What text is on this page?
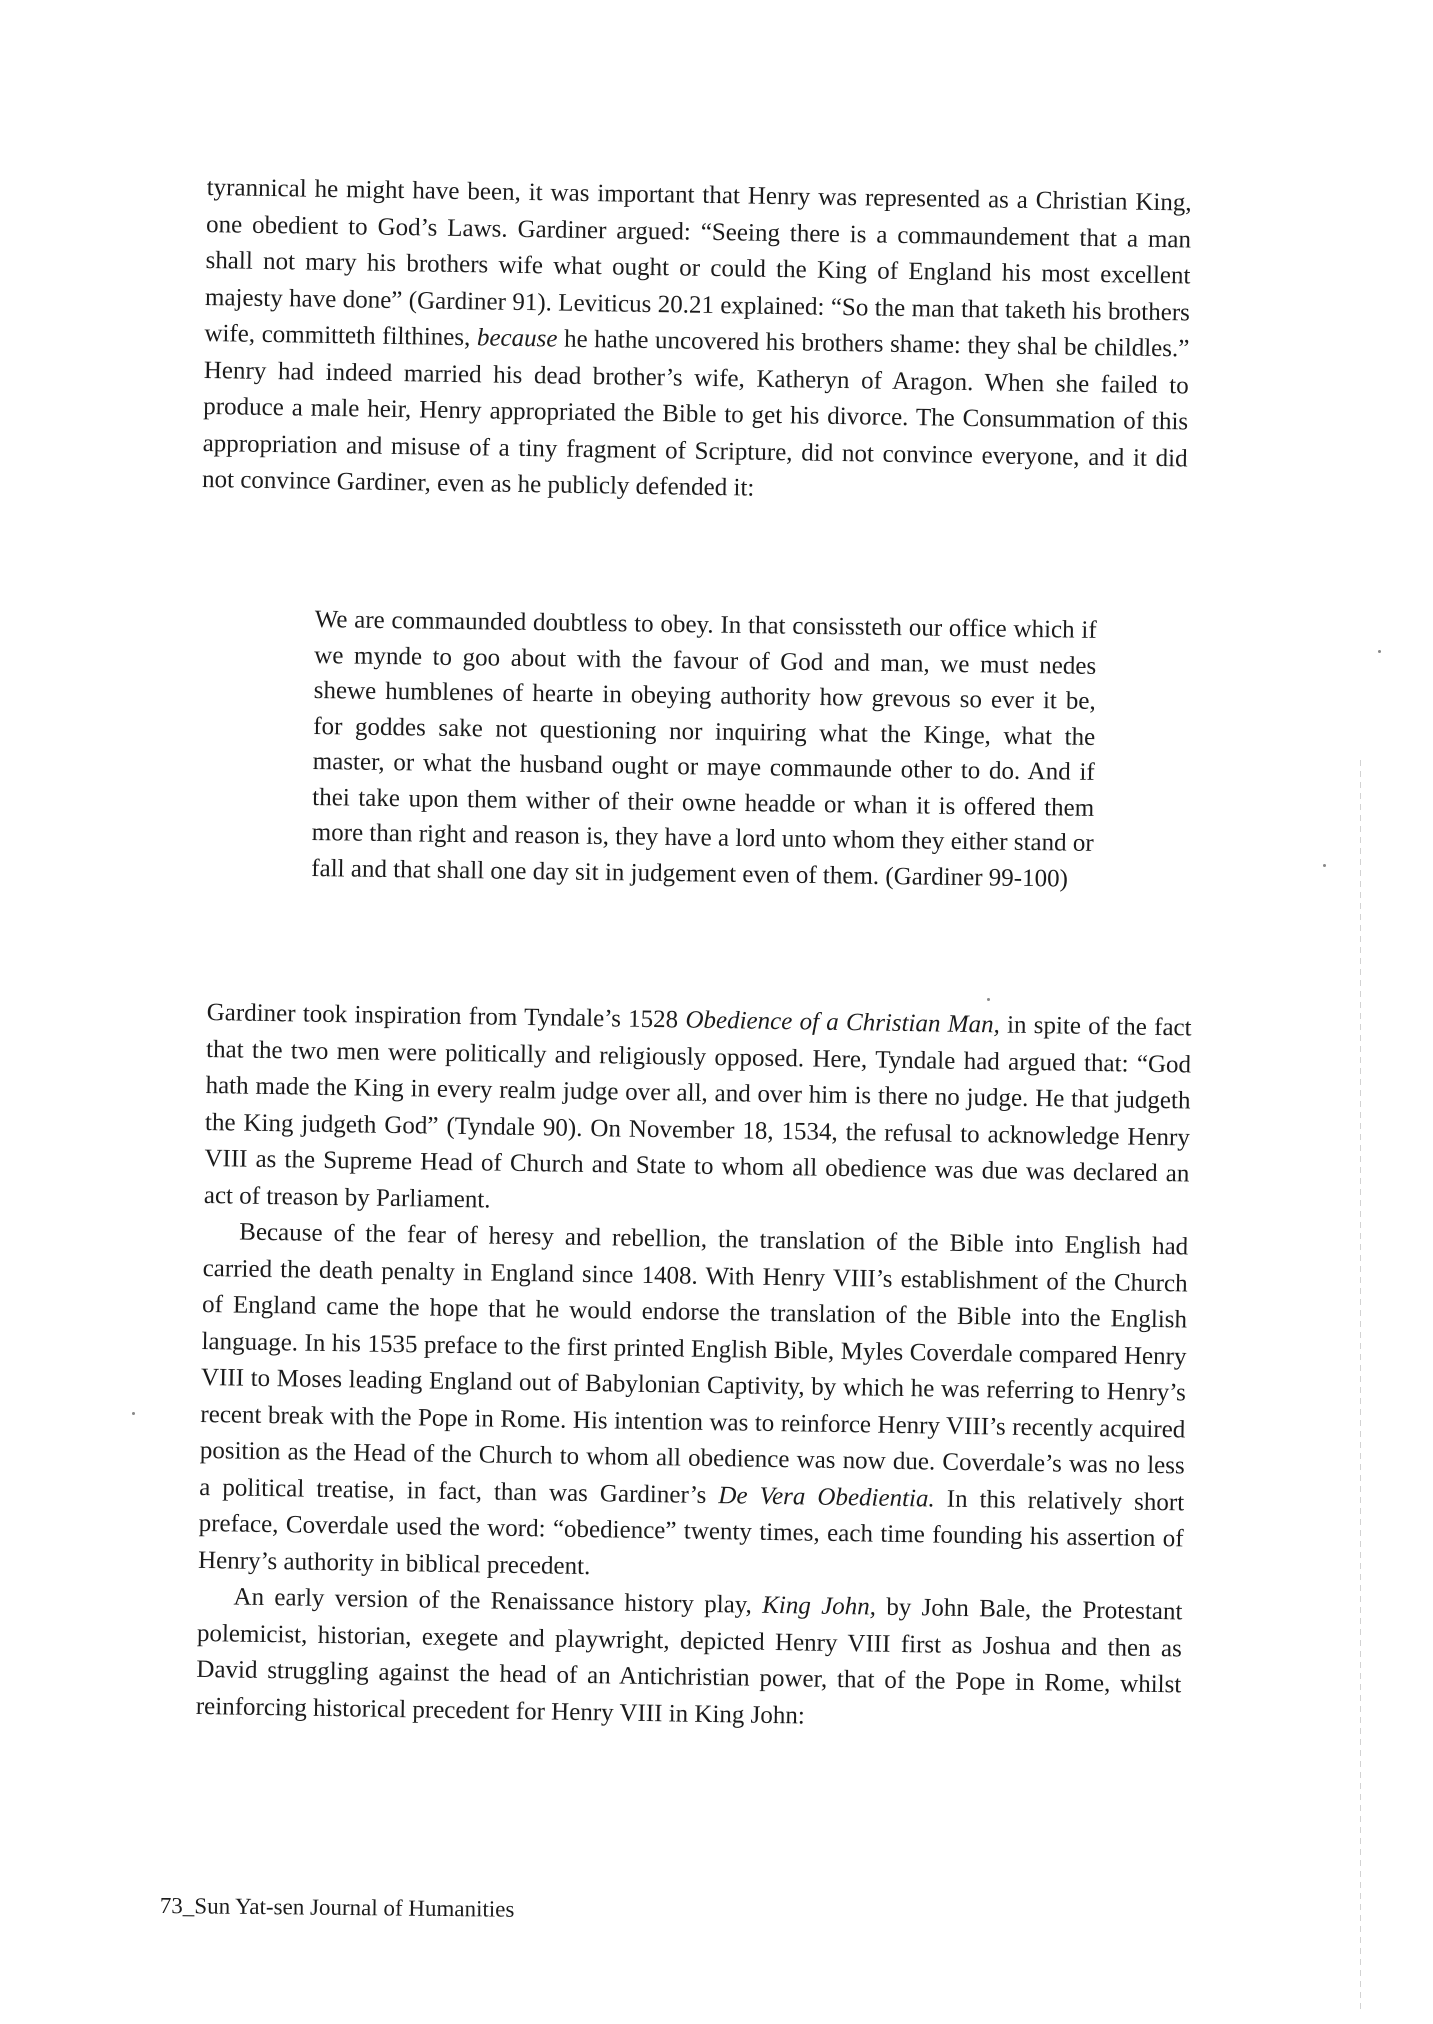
tyrannical he might have been, it was important that Henry was represented as a Christian King, one obedient to God’s Laws. Gardiner argued: “Seeing there is a commaundement that a man shall not mary his brothers wife what ought or could the King of England his most excellent majesty have done” (Gardiner 91). Leviticus 20.21 explained: “So the man that taketh his brothers wife, committeth filthines, because he hathe uncovered his brothers shame: they shal be childles.” Henry had indeed married his dead brother’s wife, Katheryn of Aragon. When she failed to produce a male heir, Henry appropriated the Bible to get his divorce. The Consummation of this appropriation and misuse of a tiny fragment of Scripture, did not convince everyone, and it did not convince Gardiner, even as he publicly defended it:

We are commaunded doubtless to obey. In that consissteth our office which if we mynde to goo about with the favour of God and man, we must nedes shewe humblenes of hearte in obeying authority how grevous so ever it be, for goddes sake not questioning nor inquiring what the Kinge, what the master, or what the husband ought or maye commaunde other to do. And if thei take upon them wither of their owne headde or whan it is offered them more than right and reason is, they have a lord unto whom they either stand or fall and that shall one day sit in judgement even of them. (Gardiner 99-100)

Gardiner took inspiration from Tyndale’s 1528 Obedience of a Christian Man, in spite of the fact that the two men were politically and religiously opposed. Here, Tyndale had argued that: “God hath made the King in every realm judge over all, and over him is there no judge. He that judgeth the King judgeth God” (Tyndale 90). On November 18, 1534, the refusal to acknowledge Henry VIII as the Supreme Head of Church and State to whom all obedience was due was declared an act of treason by Parliament.

Because of the fear of heresy and rebellion, the translation of the Bible into English had carried the death penalty in England since 1408. With Henry VIII’s establishment of the Church of England came the hope that he would endorse the translation of the Bible into the English language. In his 1535 preface to the first printed English Bible, Myles Coverdale compared Henry VIII to Moses leading England out of Babylonian Captivity, by which he was referring to Henry’s recent break with the Pope in Rome. His intention was to reinforce Henry VIII’s recently acquired position as the Head of the Church to whom all obedience was now due. Coverdale’s was no less a political treatise, in fact, than was Gardiner’s De Vera Obedientia. In this relatively short preface, Coverdale used the word: “obedience” twenty times, each time founding his assertion of Henry’s authority in biblical precedent.

An early version of the Renaissance history play, King John, by John Bale, the Protestant polemicist, historian, exegete and playwright, depicted Henry VIII first as Joshua and then as David struggling against the head of an Antichristian power, that of the Pope in Rome, whilst reinforcing historical precedent for Henry VIII in King John:

73_Sun Yat-sen Journal of Humanities
